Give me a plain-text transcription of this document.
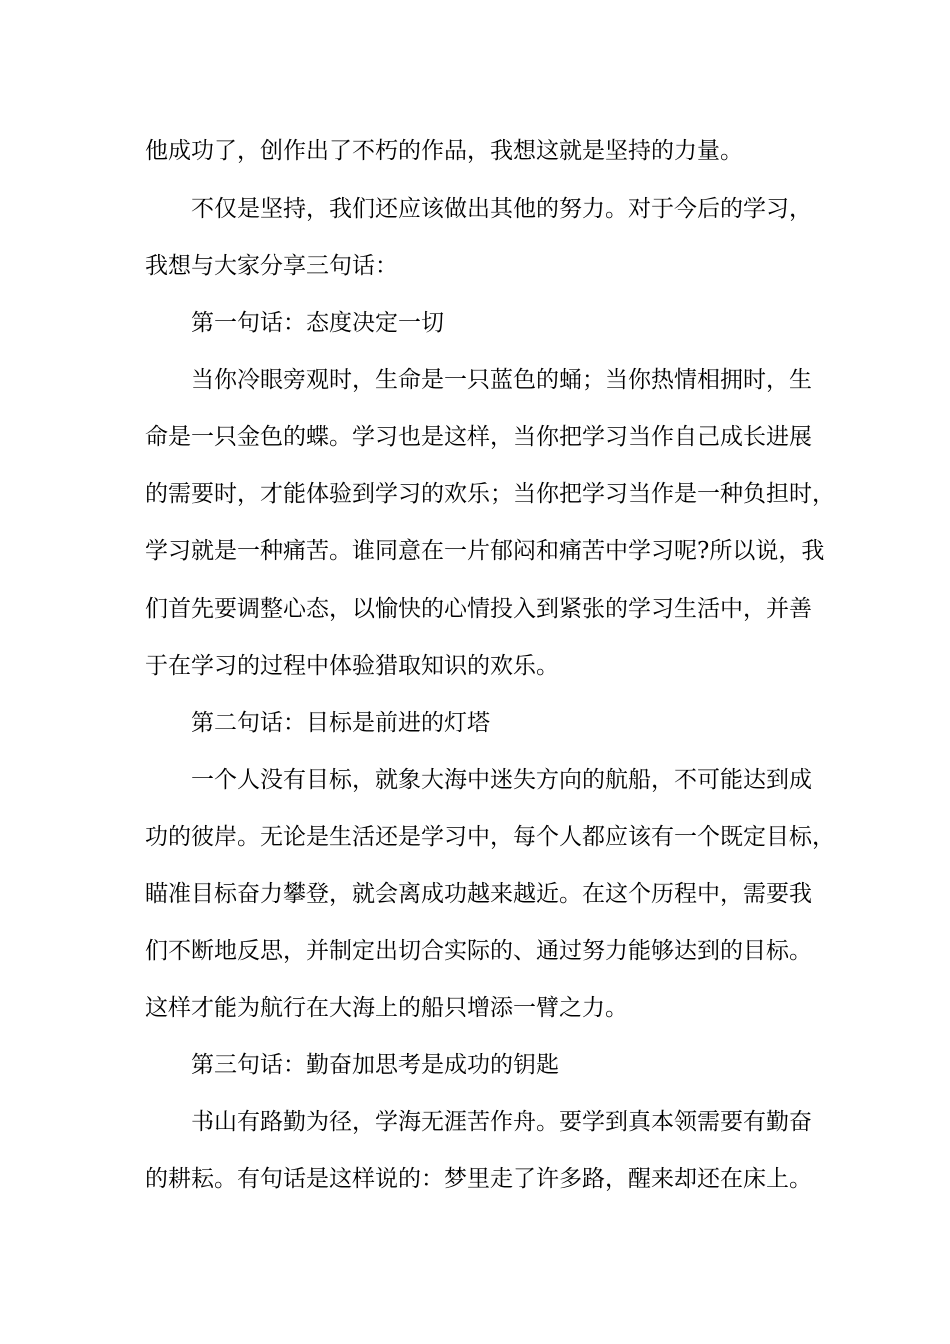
他成功了，创作出了不朽的作品，我想这就是坚持的力量。
不仅是坚持，我们还应该做出其他的努力。对于今后的学习，
我想与大家分享三句话：
第一句话：态度决定一切
当你冷眼旁观时，生命是一只蓝色的蛹；当你热情相拥时，生
命是一只金色的蝶。学习也是这样，当你把学习当作自己成长进展
的需要时，才能体验到学习的欢乐；当你把学习当作是一种负担时，
学习就是一种痛苦。谁同意在一片郁闷和痛苦中学习呢?所以说，我
们首先要调整心态，以愉快的心情投入到紧张的学习生活中，并善
于在学习的过程中体验猎取知识的欢乐。
第二句话：目标是前进的灯塔
一个人没有目标，就象大海中迷失方向的航船，不可能达到成
功的彼岸。无论是生活还是学习中，每个人都应该有一个既定目标，
瞄准目标奋力攀登，就会离成功越来越近。在这个历程中，需要我
们不断地反思，并制定出切合实际的、通过努力能够达到的目标。
这样才能为航行在大海上的船只增添一臂之力。
第三句话：勤奋加思考是成功的钥匙
书山有路勤为径，学海无涯苦作舟。要学到真本领需要有勤奋
的耕耘。有句话是这样说的：梦里走了许多路，醒来却还在床上。
